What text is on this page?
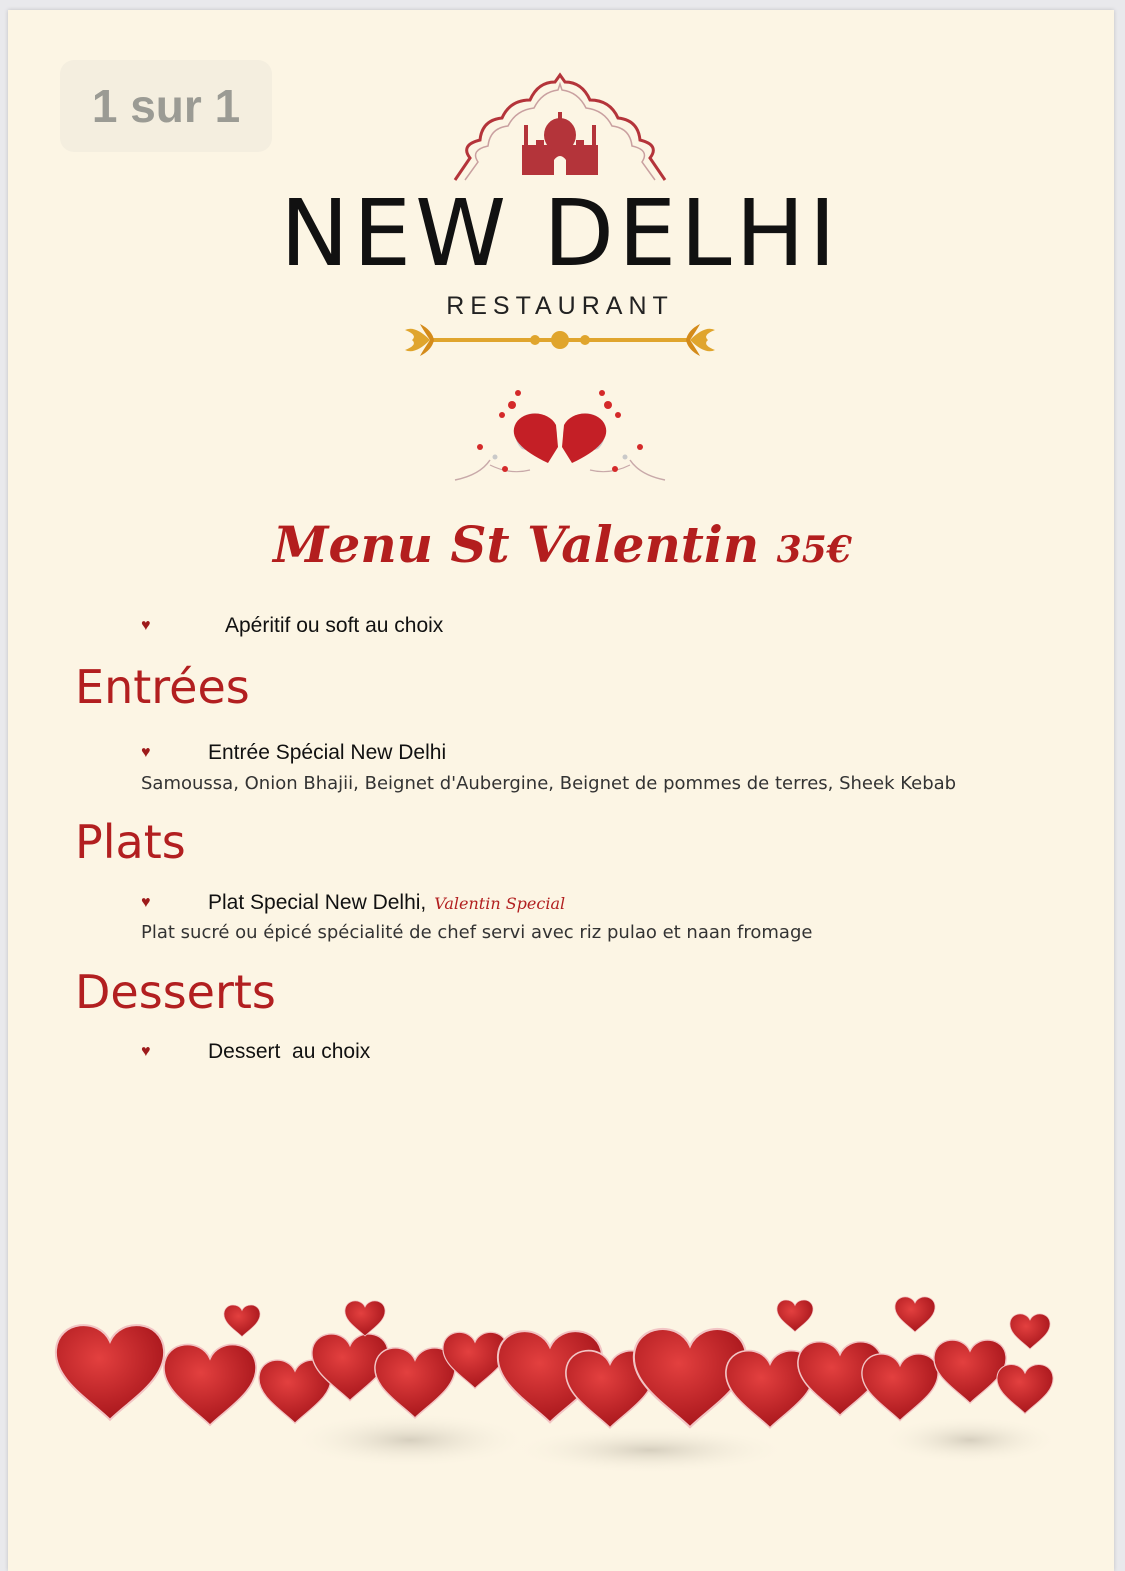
1 sur 1
NEW DELHI
RESTAURANT
Menu St Valentin 35€
♥	Apéritif ou soft au choix
Entrées
♥	Entrée Spécial New Delhi
Samoussa, Onion Bhajii, Beignet d'Aubergine, Beignet de pommes de terres, Sheek Kebab
Plats
♥	Plat Special New Delhi, Valentin Special
Plat sucré ou épicé spécialité de chef servi avec riz pulao et naan fromage
Desserts
♥	Dessert  au choix
